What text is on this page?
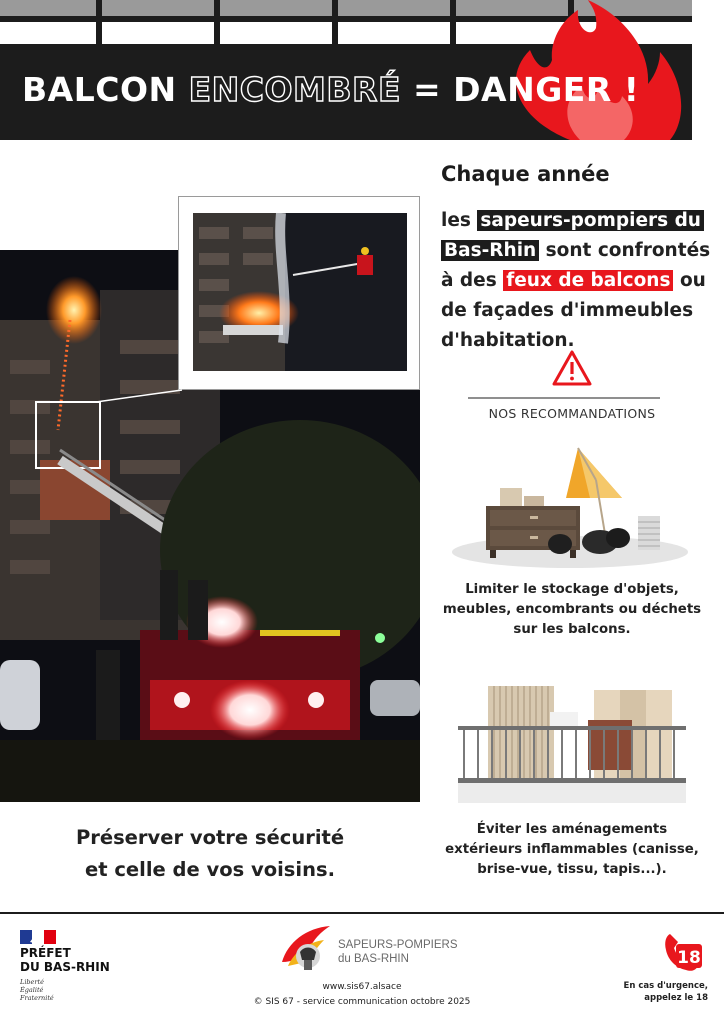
BALCON ENCOMBRÉ = DANGER !
Chaque année
les sapeurs-pompiers du
Bas-Rhin sont confrontés à des feux de balcons ou de façades d'immeubles d'habitation.
NOS RECOMMANDATIONS
Limiter le stockage d'objets, meubles, encombrants ou déchets sur les balcons.
Éviter les aménagements extérieurs inflammables (canisse, brise-vue, tissu, tapis...).
Préserver votre sécurité
et celle de vos voisins.
PRÉFET
DU BAS-RHIN
Liberté
Égalité
Fraternité
SAPEURS-POMPIERS
du BAS-RHIN
www.sis67.alsace
© SIS 67 - service communication octobre 2025
18
En cas d'urgence,
appelez le 18
